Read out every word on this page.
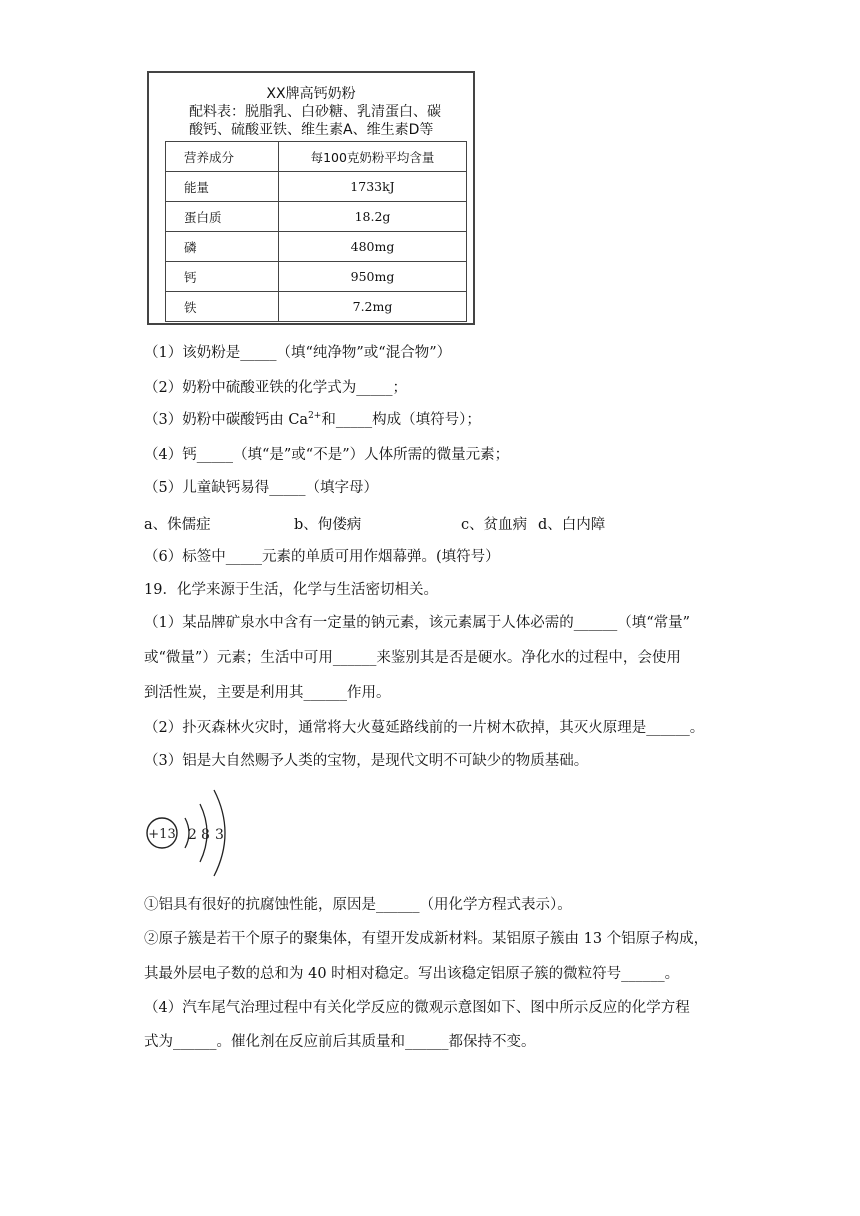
XX牌高钙奶粉
配料表：脱脂乳、白砂糖、乳清蛋白、碳
酸钙、硫酸亚铁、维生素A、维生素D等
营养成分	每100克奶粉平均含量
能量	1733kJ
蛋白质	18.2g
磷	480mg
钙	950mg
铁	7.2mg
（1）该奶粉是_____（填“纯净物”或“混合物”）
（2）奶粉中硫酸亚铁的化学式为_____；
（3）奶粉中碳酸钙由 $Ca^{2+}$和_____构成（填符号）；
（4）钙_____（填“是”或“不是”）人体所需的微量元素；
（5）儿童缺钙易得_____（填字母）
a、侏儒症	b、佝偻病	c、贫血病 d、白内障
（6）标签中_____元素的单质可用作烟幕弹。(填符号）
19．化学来源于生活，化学与生活密切相关。
（1）某品牌矿泉水中含有一定量的钠元素，该元素属于人体必需的______（填“常量”
或“微量”）元素；生活中可用______来鉴别其是否是硬水。净化水的过程中，会使用
到活性炭，主要是利用其______作用。
（2）扑灭森林火灾时，通常将大火蔓延路线前的一片树木砍掉，其灭火原理是______。
（3）铝是大自然赐予人类的宝物，是现代文明不可缺少的物质基础。
+13 2 8 3
①铝具有很好的抗腐蚀性能，原因是______（用化学方程式表示）。
②原子簇是若干个原子的聚集体，有望开发成新材料。某铝原子簇由 13 个铝原子构成，
其最外层电子数的总和为 40 时相对稳定。写出该稳定铝原子簇的微粒符号______。
（4）汽车尾气治理过程中有关化学反应的微观示意图如下、图中所示反应的化学方程
式为______。催化剂在反应前后其质量和______都保持不变。
